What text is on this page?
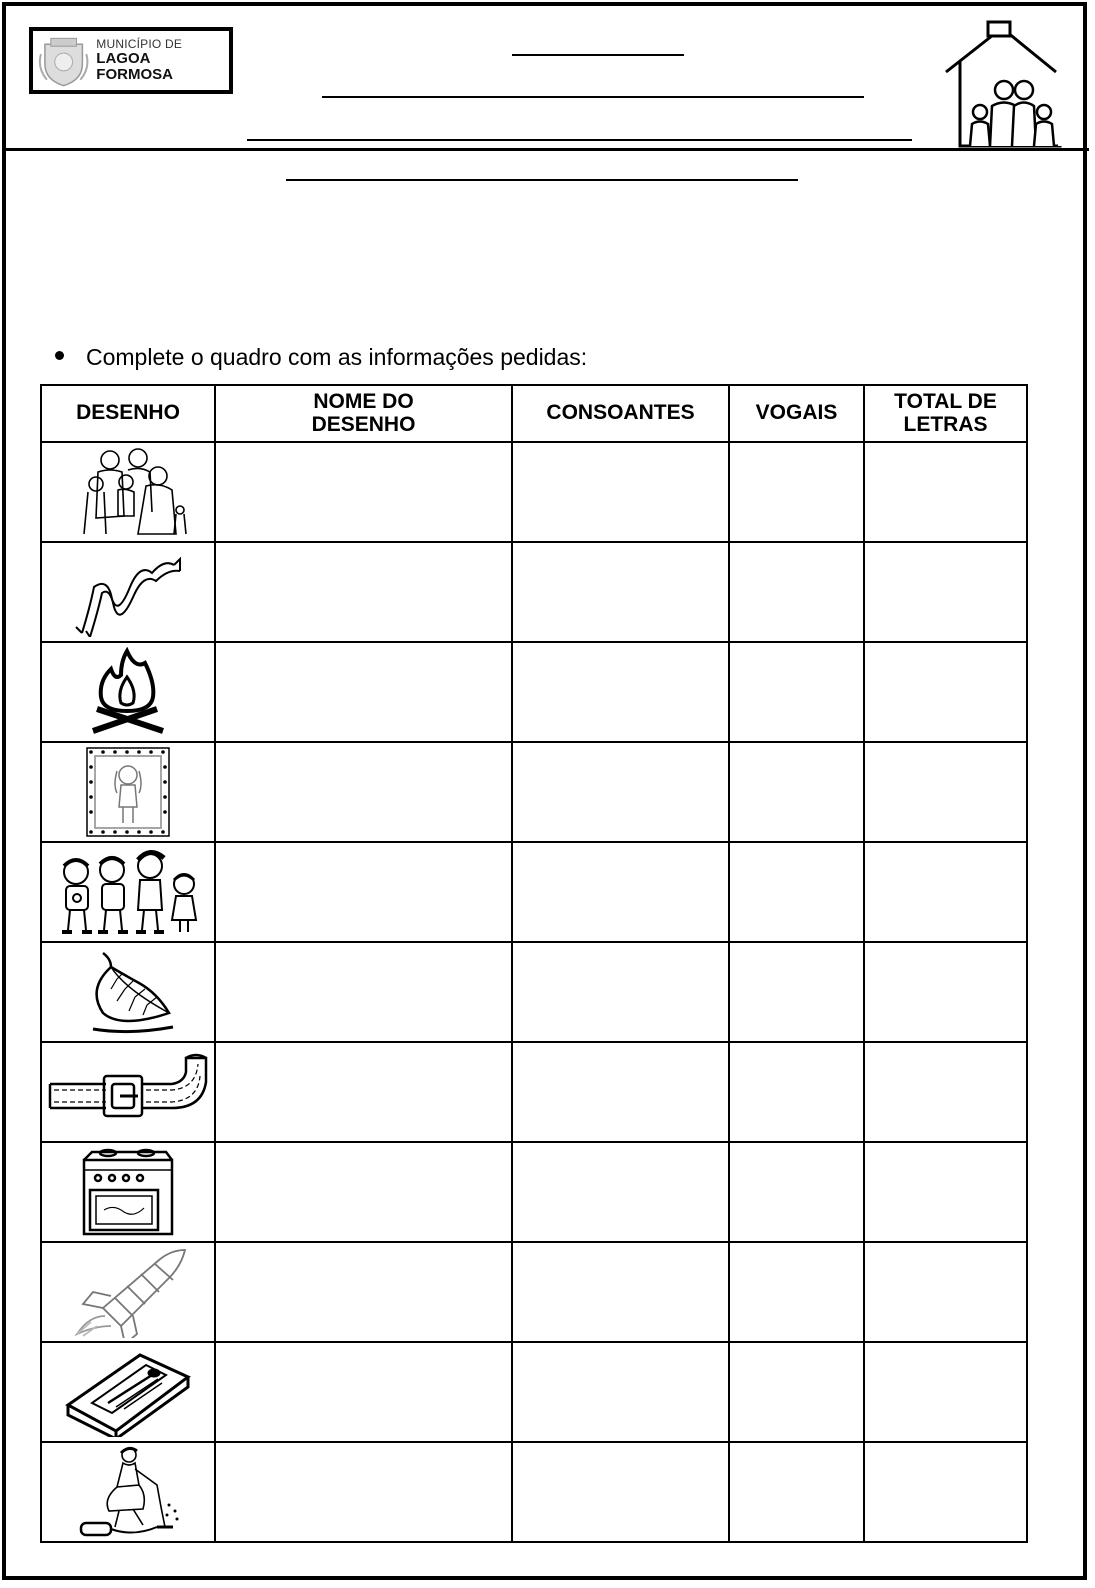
MUNICÍPIO DE
LAGOA FORMOSA
Complete o quadro com as informações pedidas:
DESENHO	NOME DO DESENHO	CONSOANTES	VOGAIS	TOTAL DE LETRAS
